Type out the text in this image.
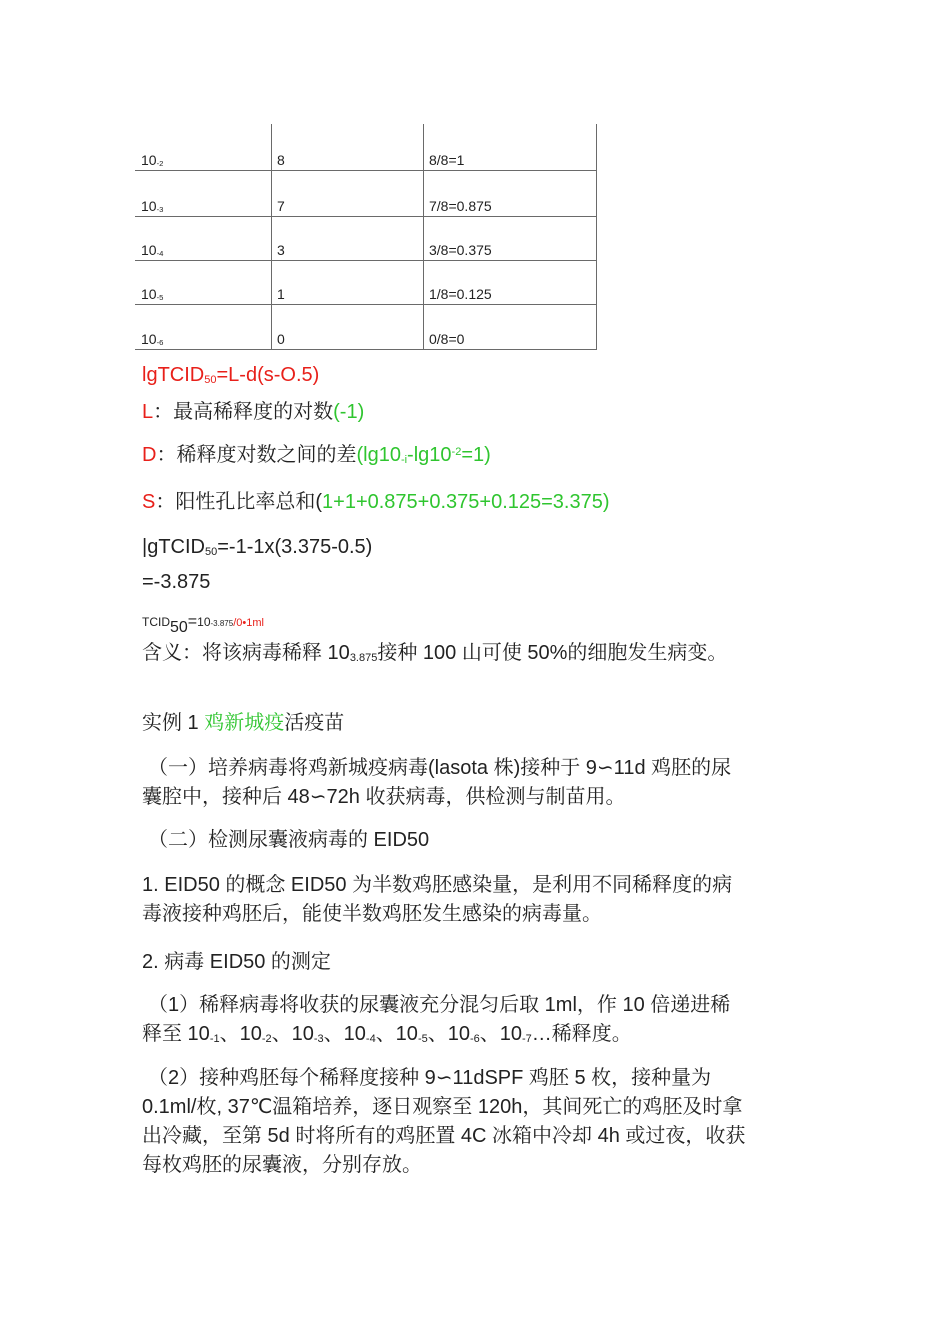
10-2	8	8/8=1
10-3	7	7/8=0.875
10-4	3	3/8=0.375
10-5	1	1/8=0.125
10-6	0	0/8=0
lgTCID50=L-d(s-O.5)
L：最高稀释度的对数(-1)
D：稀释度对数之间的差$(\lg 10-i-\lg 10^{-2}=1)$
S：阳性孔比率总和(1+1+0.875+0.375+0.125=3.375)
|gTCID50=-1-1x(3.375-0.5)
=-3.875
TCID50=10-3.875/0•1ml
含义：将该病毒稀释 103.875接种 100 山可使 50%的细胞发生病变。
实例 1 鸡新城疫活疫苗
（一）培养病毒将鸡新城疫病毒(lasota 株)接种于 9∽11d 鸡胚的尿
囊腔中，接种后 48∽72h 收获病毒，供检测与制苗用。
（二）检测尿囊液病毒的 EID50
1. EID50 的概念 EID50 为半数鸡胚感染量，是利用不同稀释度的病
毒液接种鸡胚后，能使半数鸡胚发生感染的病毒量。
2. 病毒 EID50 的测定
（1）稀释病毒将收获的尿囊液充分混匀后取 1ml，作 10 倍递进稀
释至 10-1、10-2、10-3、10-4、10-5、10-6、10-7…稀释度。
（2）接种鸡胚每个稀释度接种 9∽11dSPF 鸡胚 5 枚，接种量为
0.1ml/枚, 37℃温箱培养，逐日观察至 120h，其间死亡的鸡胚及时拿
出冷藏，至第 5d 时将所有的鸡胚置 4C 冰箱中冷却 4h 或过夜，收获
每枚鸡胚的尿囊液，分别存放。
